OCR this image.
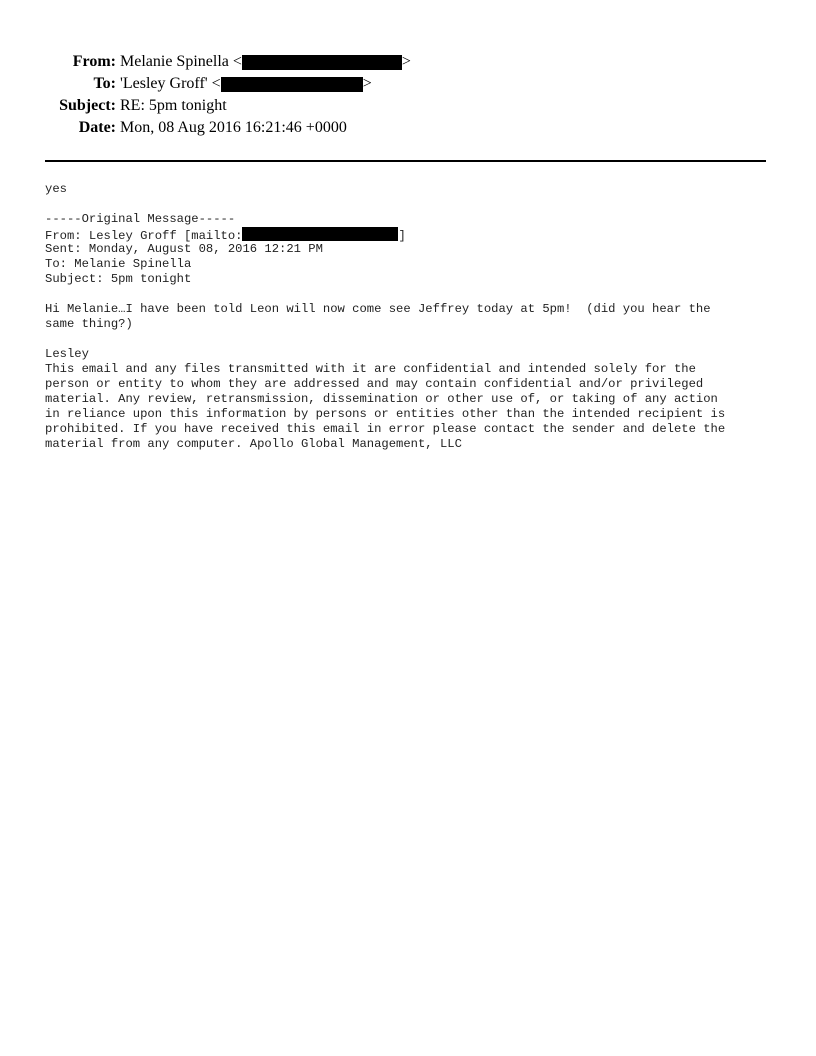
From: Melanie Spinella <	>
To: 'Lesley Groff' <	>
Subject: RE: 5pm tonight
Date: Mon, 08 Aug 2016 16:21:46 +0000
yes
-----Original Message-----
From: Lesley Groff [mailto:	]
Sent: Monday, August 08, 2016 12:21 PM
To: Melanie Spinella
Subject: 5pm tonight
Hi Melanie…I have been told Leon will now come see Jeffrey today at 5pm!  (did you hear the
same thing?)
Lesley
This email and any files transmitted with it are confidential and intended solely for the
person or entity to whom they are addressed and may contain confidential and/or privileged
material. Any review, retransmission, dissemination or other use of, or taking of any action
in reliance upon this information by persons or entities other than the intended recipient is
prohibited. If you have received this email in error please contact the sender and delete the
material from any computer. Apollo Global Management, LLC
